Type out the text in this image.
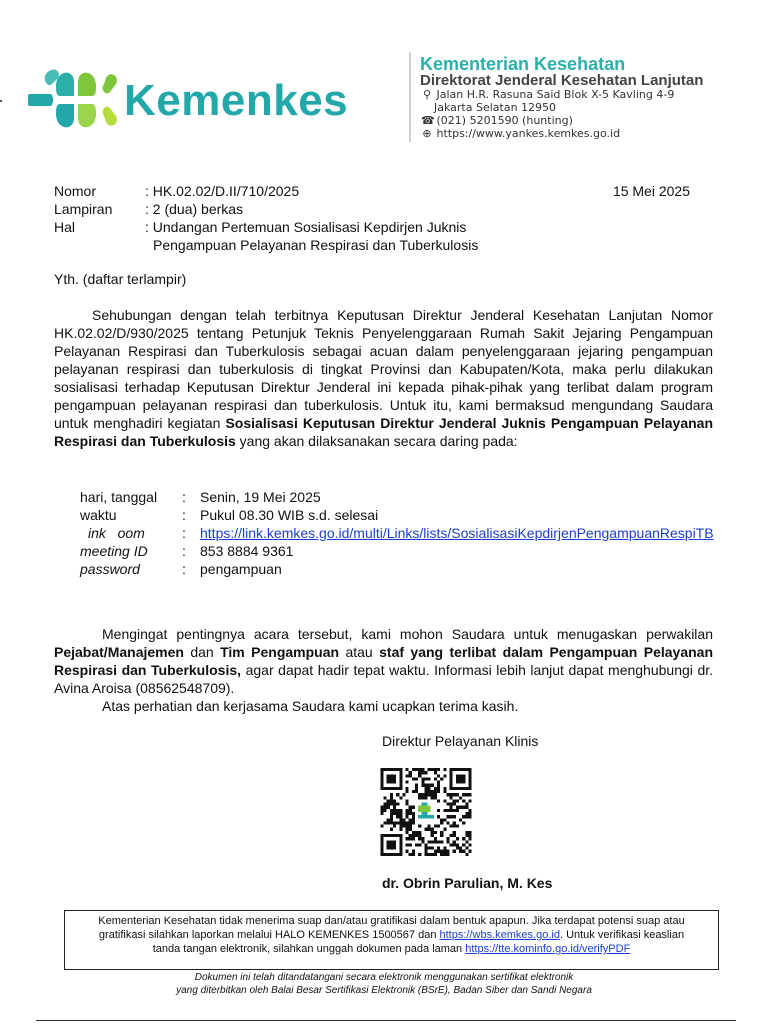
Kemenkes
Kementerian Kesehatan
Direktorat Jenderal Kesehatan Lanjutan
⚲ Jalan H.R. Rasuna Said Blok X-5 Kavling 4-9
Jakarta Selatan 12950
☎ (021) 5201590 (hunting)
⊕ https://www.yankes.kemkes.go.id
Nomor	: HK.02.02/D.II/710/2025	15 Mei 2025
Lampiran : 2 (dua) berkas
Hal	: Undangan Pertemuan Sosialisasi Kepdirjen Juknis
Pengampuan Pelayanan Respirasi dan Tuberkulosis
Yth. (daftar terlampir)
Sehubungan dengan telah terbitnya Keputusan Direktur Jenderal Kesehatan Lanjutan Nomor
HK.02.02/D/930/2025 tentang Petunjuk Teknis Penyelenggaraan Rumah Sakit Jejaring Pengampuan
Pelayanan Respirasi dan Tuberkulosis sebagai acuan dalam penyelenggaraan jejaring pengampuan
pelayanan respirasi dan tuberkulosis di tingkat Provinsi dan Kabupaten/Kota, maka perlu dilakukan
sosialisasi terhadap Keputusan Direktur Jenderal ini kepada pihak-pihak yang terlibat dalam program
pengampuan pelayanan respirasi dan tuberkulosis. Untuk itu, kami bermaksud mengundang Saudara
untuk menghadiri kegiatan Sosialisasi Keputusan Direktur Jenderal Juknis Pengampuan Pelayanan
Respirasi dan Tuberkulosis yang akan dilaksanakan secara daring pada:
hari, tanggal : Senin, 19 Mei 2025
waktu	: Pukul 08.30 WIB s.d. selesai
ink   oom	: https://link.kemkes.go.id/multi/Links/lists/SosialisasiKepdirjenPengampuanRespiTB
meeting ID : 853 8884 9361
password	: pengampuan
Mengingat pentingnya acara tersebut, kami mohon Saudara untuk menugaskan perwakilan
Pejabat/Manajemen dan Tim Pengampuan atau staf yang terlibat dalam Pengampuan Pelayanan
Respirasi dan Tuberkulosis, agar dapat hadir tepat waktu. Informasi lebih lanjut dapat menghubungi dr.
Avina Aroisa (08562548709).
Atas perhatian dan kerjasama Saudara kami ucapkan terima kasih.
Direktur Pelayanan Klinis
dr. Obrin Parulian, M. Kes
Kementerian Kesehatan tidak menerima suap dan/atau gratifikasi dalam bentuk apapun. Jika terdapat potensi suap atau
gratifikasi silahkan laporkan melalui HALO KEMENKES 1500567 dan https://wbs.kemkes.go.id. Untuk verifikasi keaslian
tanda tangan elektronik, silahkan unggah dokumen pada laman https://tte.kominfo.go.id/verifyPDF
Dokumen ini telah ditandatangani secara elektronik menggunakan sertifikat elektronik
yang diterbitkan oleh Balai Besar Sertifikasi Elektronik (BSrE), Badan Siber dan Sandi Negara
